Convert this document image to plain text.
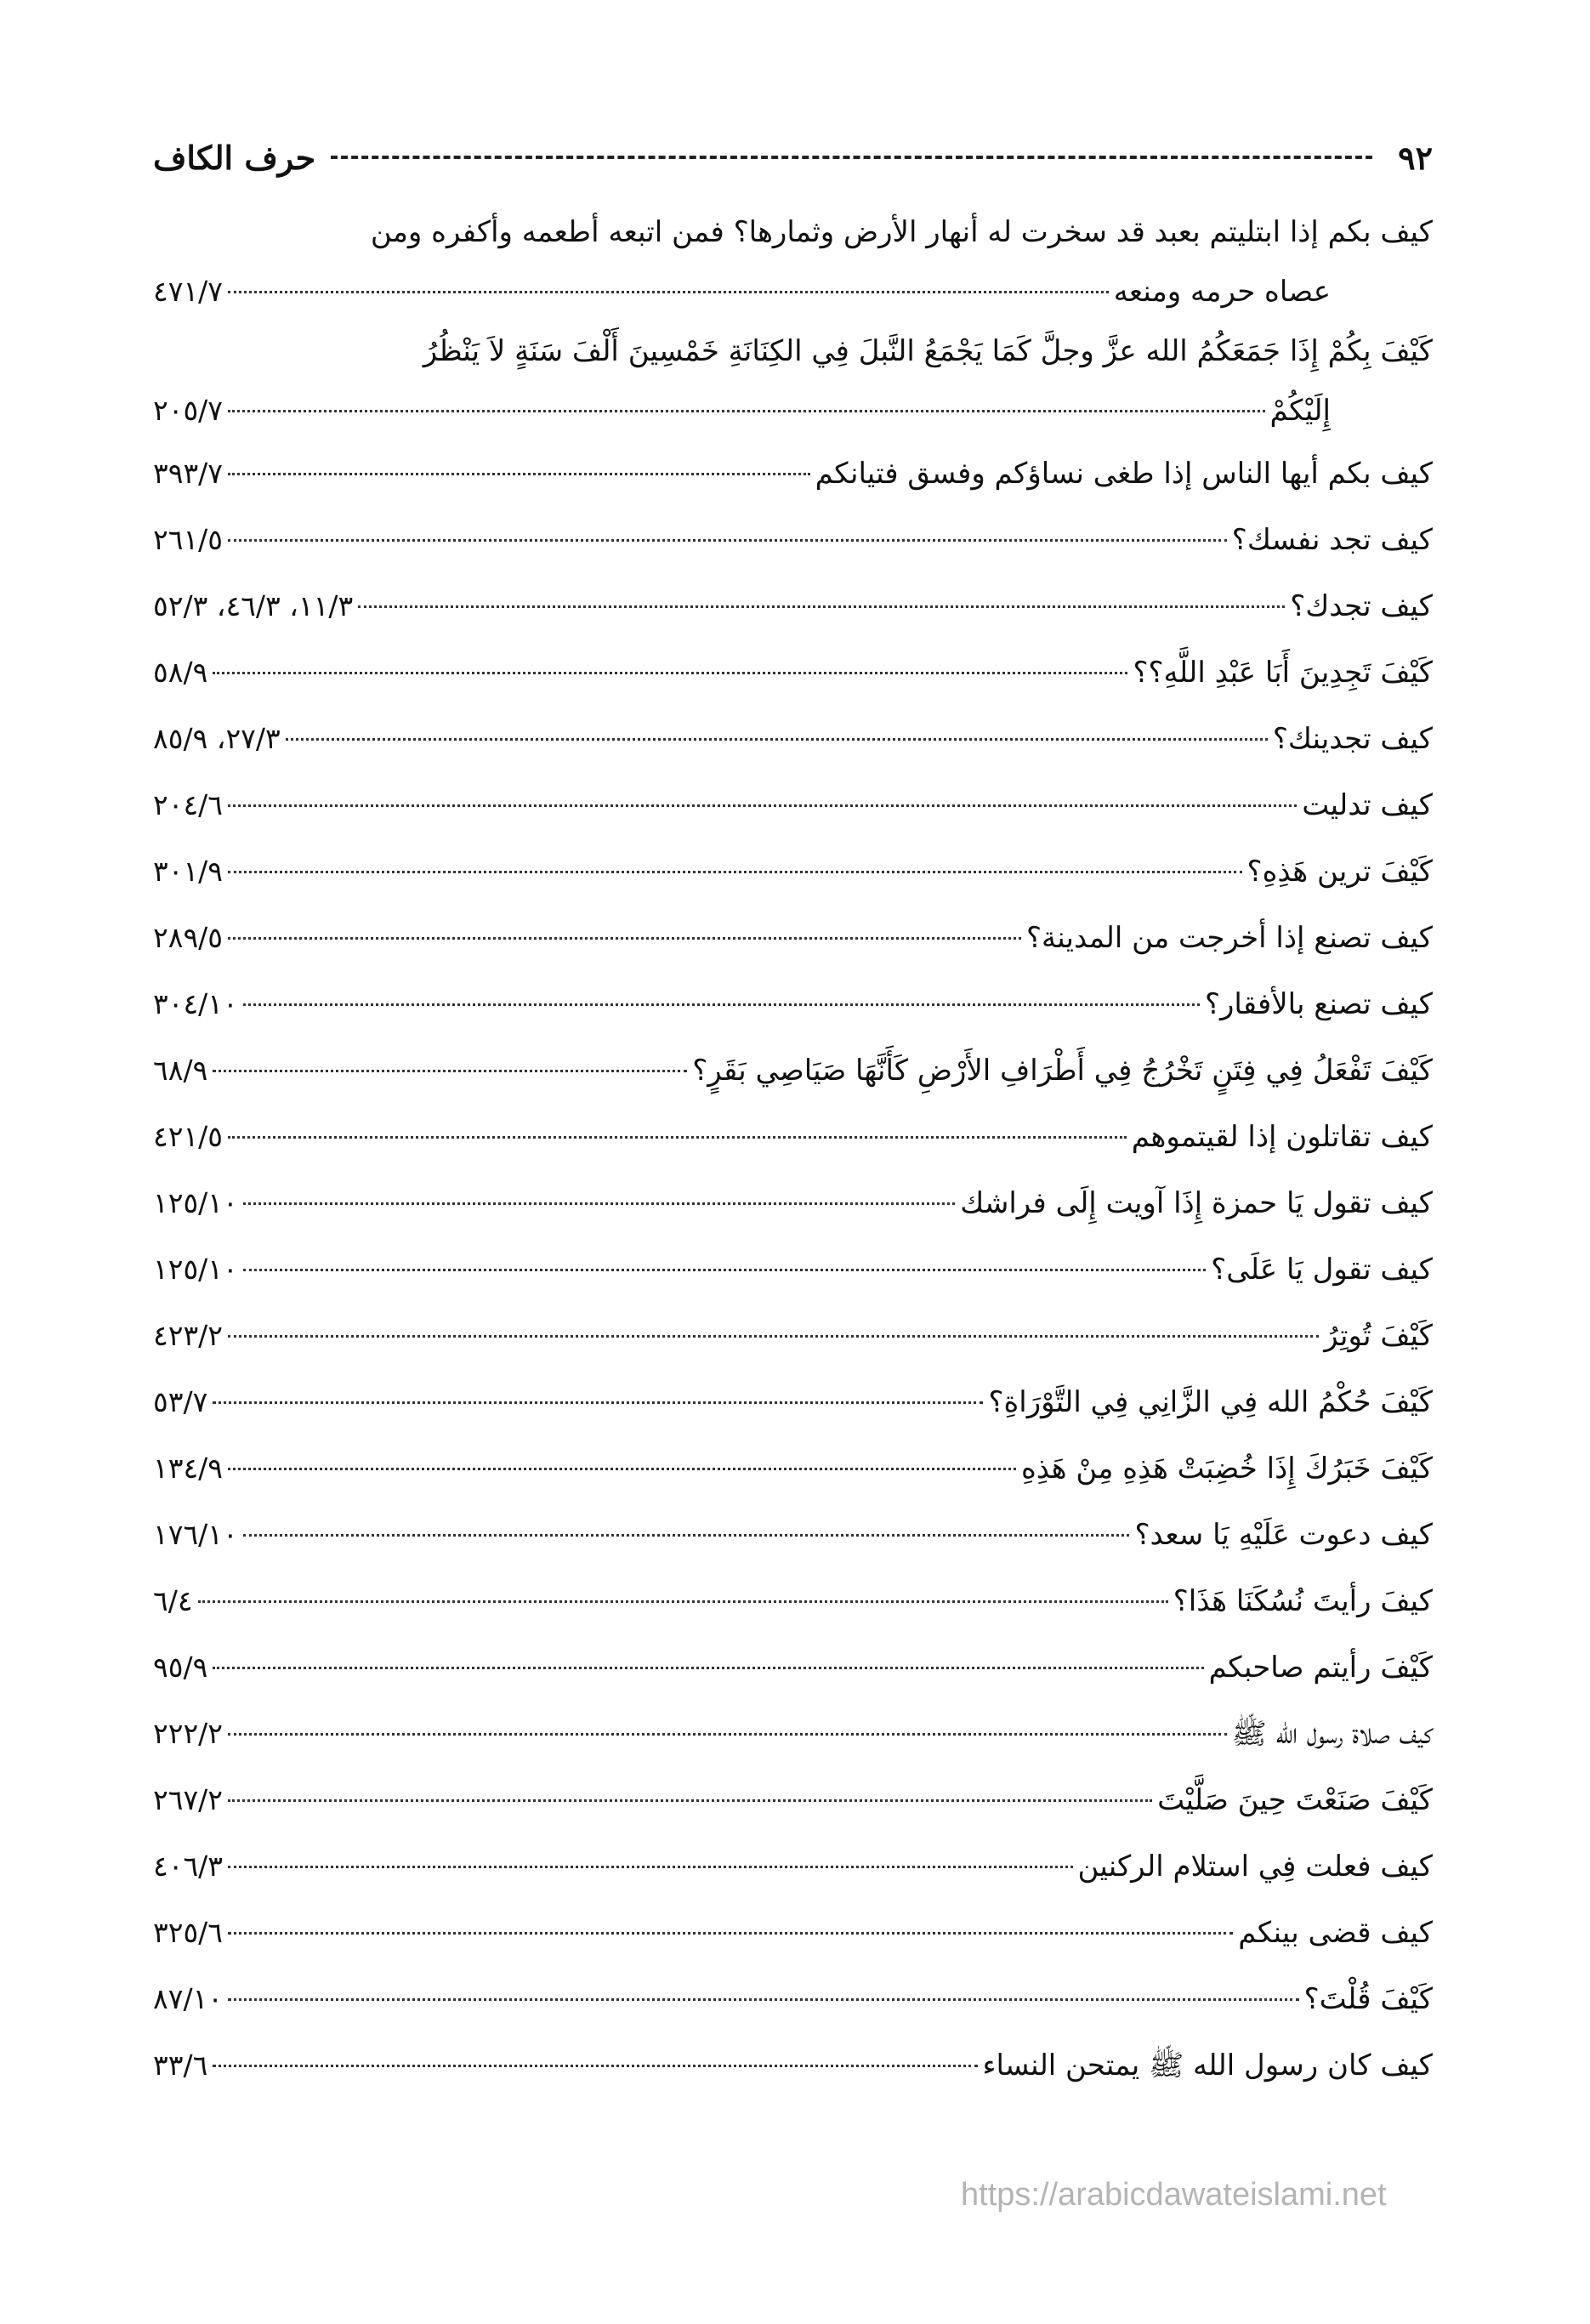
٩٢
حرف الكاف
كيف بكم إذا ابتليتم بعبد قد سخرت له أنهار الأرض وثمارها؟ فمن اتبعه أطعمه وأكفره ومن
عصاه حرمه ومنعه
٤٧١/٧
كَيْفَ بِكُمْ إِذَا جَمَعَكُمُ الله عزَّ وجلَّ كَمَا يَجْمَعُ النَّبلَ فِي الكِنَانَةِ خَمْسِينَ أَلْفَ سَنَةٍ لاَ يَنْظُرُ
إِلَيْكُمْ
٢٠٥/٧
كيف بكم أيها الناس إذا طغى نساؤكم وفسق فتيانكم
٣٩٣/٧
كيف تجد نفسك؟
٢٦١/٥
كيف تجدك؟
١١/٣، ٤٦/٣، ٥٢/٣
كَيْفَ تَجِدِينَ أَبَا عَبْدِ اللَّهِ؟؟
٥٨/٩
كيف تجدينك؟
٢٧/٣، ٨٥/٩
كيف تدليت
٢٠٤/٦
كَيْفَ ترين هَذِهِ؟
٣٠١/٩
كيف تصنع إذا أخرجت من المدينة؟
٢٨٩/٥
كيف تصنع بالأفقار؟
٣٠٤/١٠
كَيْفَ تَفْعَلُ فِي فِتَنٍ تَخْرُجُ فِي أَطْرَافِ الأَرْضِ كَأَنَّهَا صَيَاصِي بَقَرٍ؟
٦٨/٩
كيف تقاتلون إذا لقيتموهم
٤٢١/٥
كيف تقول يَا حمزة إِذَا آويت إِلَى فراشك
١٢٥/١٠
كيف تقول يَا عَلَى؟
١٢٥/١٠
كَيْفَ تُوتِرُ
٤٢٣/٢
كَيْفَ حُكْمُ الله فِي الزَّانِي فِي التَّوْرَاةِ؟
٥٣/٧
كَيْفَ خَبَرُكَ إِذَا خُضِبَتْ هَذِهِ مِنْ هَذِهِ
١٣٤/٩
كيف دعوت عَلَيْهِ يَا سعد؟
١٧٦/١٠
كيفَ رأيتَ نُسُكَنَا هَذَا؟
٦/٤
كَيْفَ رأيتم صاحبكم
٩٥/٩
كيف صلاة رسول الله ﷺ
٢٢٢/٢
كَيْفَ صَنَعْتَ حِينَ صَلَّيْتَ
٢٦٧/٢
كيف فعلت فِي استلام الركنين
٤٠٦/٣
كيف قضى بينكم
٣٢٥/٦
كَيْفَ قُلْتَ؟
٨٧/١٠
كيف كان رسول الله ﷺ يمتحن النساء
٣٣/٦
https://arabicdawateislami.net
